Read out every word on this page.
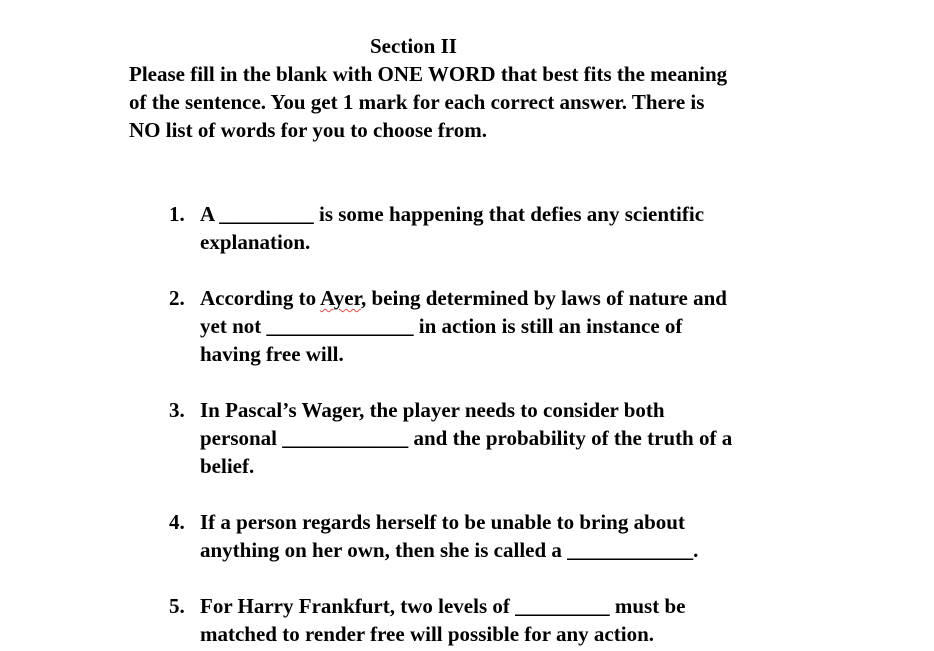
Section II
Please fill in the blank with ONE WORD that best fits the meaning
of the sentence. You get 1 mark for each correct answer. There is
NO list of words for you to choose from.
1. A _________ is some happening that defies any scientific
explanation.
2. According to Ayer, being determined by laws of nature and
yet not ______________ in action is still an instance of
having free will.
3. In Pascal’s Wager, the player needs to consider both
personal ____________ and the probability of the truth of a
belief.
4. If a person regards herself to be unable to bring about
anything on her own, then she is called a ____________.
5. For Harry Frankfurt, two levels of _________ must be
matched to render free will possible for any action.
